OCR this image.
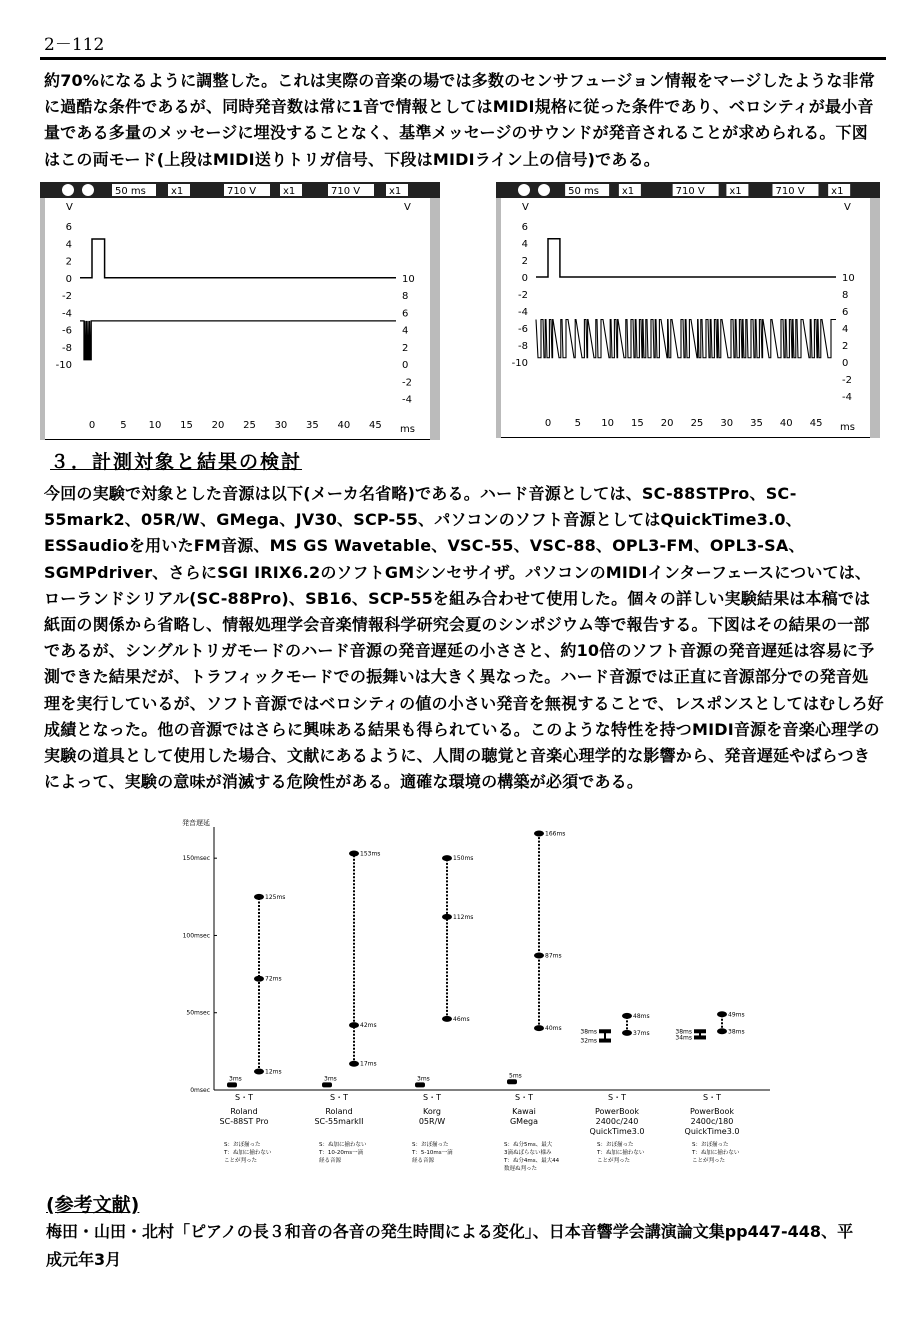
2－112

約70%になるように調整した。これは実際の音楽の場では多数のセンサフュージョン情報をマージしたような非常に過酷な条件であるが、同時発音数は常に1音で情報としてはMIDI規格に従った条件であり、ベロシティが最小音量である多量のメッセージに埋没することなく、基準メッセージのサウンドが発音されることが求められる。下図はこの両モード(上段はMIDI送りトリガ信号、下段はMIDIライン上の信号)である。

50 ms	x1	710 V	x1	710 V	x1
V	V
6
4
2
0
-2
-4
-6
-8
-10
10
8
6
4
2
0
-2
-4
0	5 10 15 20 25 30 35 40 45 ms
50 ms x1	710 V x1	710 V	x1
V	V
6
4
2
0
-2
-4
-6
-8
-10
10
8
6
4
2
0
-2
-4
0 5 10 15 20 25 30 35 40 45 ms
３．計測対象と結果の検討

今回の実験で対象とした音源は以下(メーカ名省略)である。ハード音源としては、SC-88STPro、SC-55mark2、05R/W、GMega、JV30、SCP-55、パソコンのソフト音源としてはQuickTime3.0、ESSaudioを用いたFM音源、MS GS Wavetable、VSC-55、VSC-88、OPL3-FM、OPL3-SA、SGMPdriver、さらにSGI IRIX6.2のソフトGMシンセサイザ。パソコンのMIDIインターフェースについては、ローランドシリアル(SC-88Pro)、SB16、SCP-55を組み合わせて使用した。個々の詳しい実験結果は本稿では紙面の関係から省略し、情報処理学会音楽情報科学研究会夏のシンポジウム等で報告する。下図はその結果の一部であるが、シングルトリガモードのハード音源の発音遅延の小ささと、約10倍のソフト音源の発音遅延は容易に予測できた結果だが、トラフィックモードでの振舞いは大きく異なった。ハード音源では正直に音源部分での発音処理を実行しているが、ソフト音源ではベロシティの値の小さい発音を無視することで、レスポンスとしてはむしろ好成績となった。他の音源ではさらに興味ある結果も得られている。このような特性を持つMIDI音源を音楽心理学の実験の道具として使用した場合、文献にあるように、人間の聴覚と音楽心理学的な影響から、発音遅延やばらつきによって、実験の意味が消滅する危険性がある。適確な環境の構築が必須である。

発音遅延
0msec
50msec
100msec
150msec
3ms
12ms
72ms
125ms
S・T
Roland SC-88ST Pro
S：おぼ揃った T：ぬ加に揃わないことが判った
3ms
17ms
42ms
153ms
S・T
Roland SC-55markII
S：ぬ加に揃わない T：10-20ms一滴経る音源
3ms
46ms
112ms
150ms
S・T
Korg 05R/W
S：おぼ揃った T：5-10ms一滴経る音源
5ms
40ms
87ms
166ms
S・T
Kawai GMega
S：ぬ分5ms、最大 3滴ぬばらない様み T：ぬ分4ms、最大44 数遅ぬ判った
32ms
38ms	37ms
48ms
S・T
PowerBook 2400c/240 QuickTime3.0
S：おぼ揃った T：ぬ加に揃わないことが判った
34ms
38ms	38ms
49ms
S・T
PowerBook 2400c/180 QuickTime3.0
S：おぼ揃った T：ぬ加に揃わないことが判った
(参考文献)
梅田・山田・北村「ピアノの長３和音の各音の発生時間による変化」、日本音響学会講演論文集pp447-448、平成元年3月
